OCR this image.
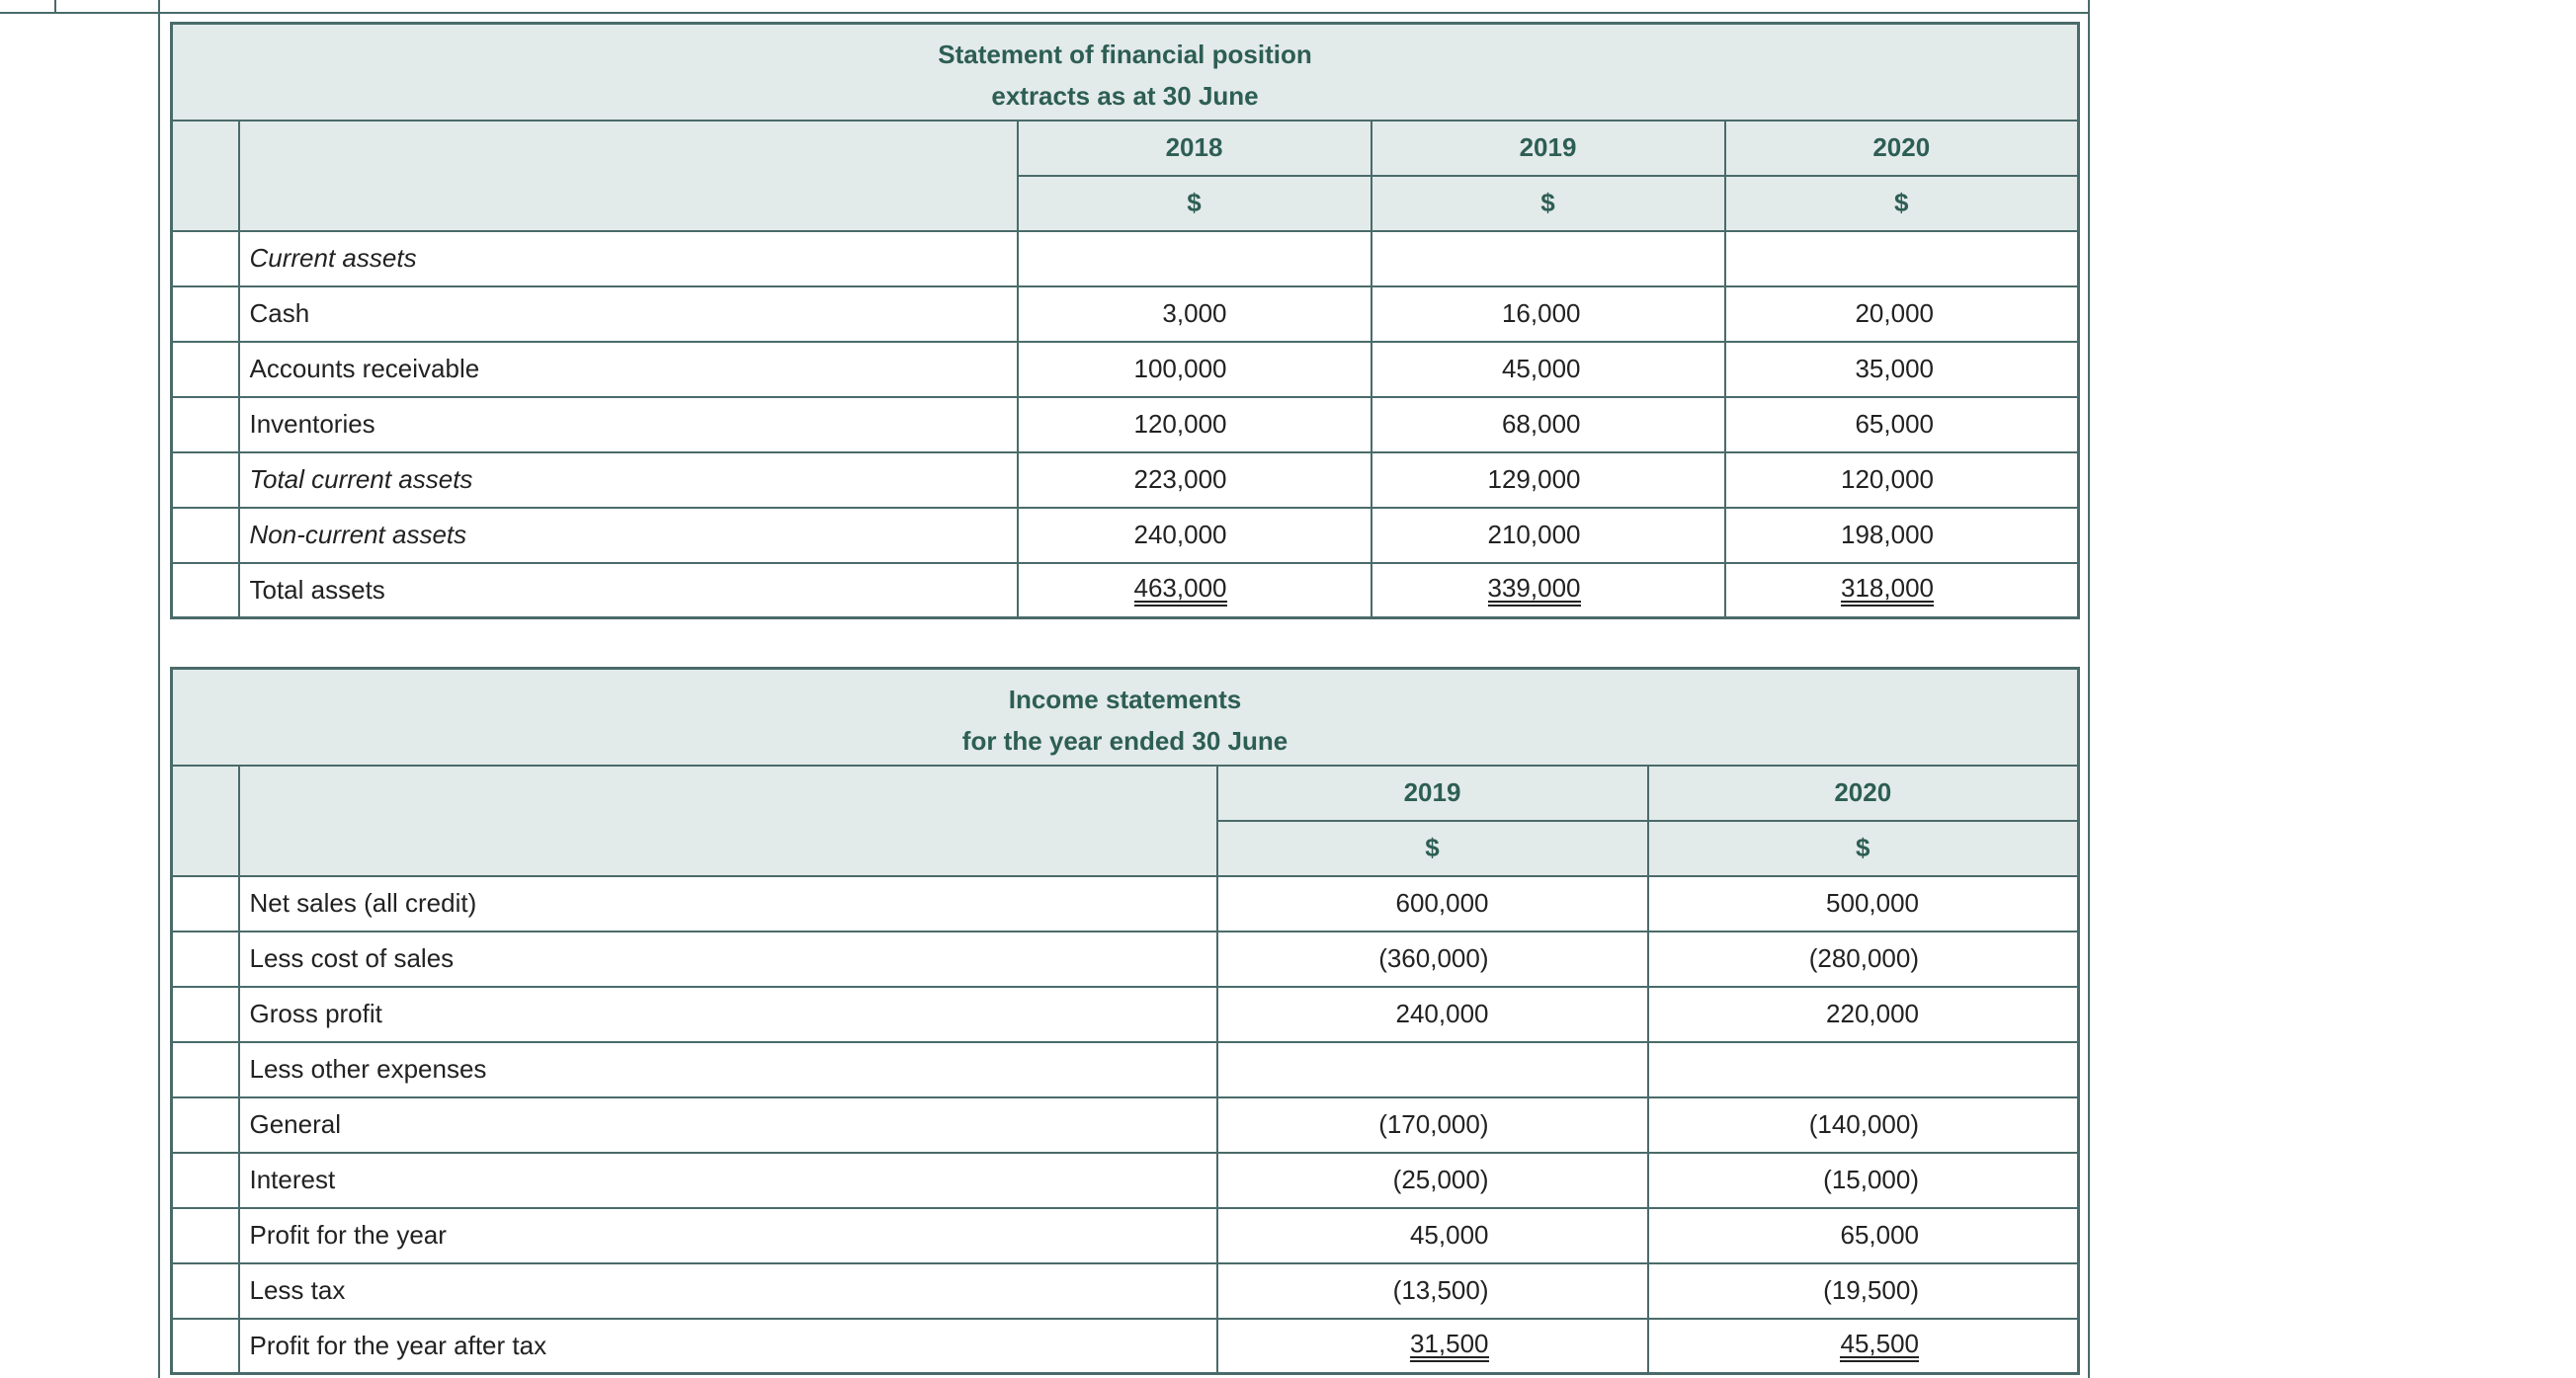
Statement of financial position
extracts as at 30 June				

		2018	2019	2020
		$	$	$
	Current assets			
	Cash	3,000	16,000	20,000
	Accounts receivable	100,000	45,000	35,000
	Inventories	120,000	68,000	65,000
	Total current assets	223,000	129,000	120,000
	Non-current assets	240,000	210,000	198,000
	Total assets	463,000	339,000	318,000
Income statements
for the year ended 30 June			

		2019	2020
		$	$
	Net sales (all credit)	600,000	500,000
	Less cost of sales	(360,000)	(280,000)
	Gross profit	240,000	220,000
	Less other expenses		
	General	(170,000)	(140,000)
	Interest	(25,000)	(15,000)
	Profit for the year	45,000	65,000
	Less tax	(13,500)	(19,500)
	Profit for the year after tax	31,500	45,500
